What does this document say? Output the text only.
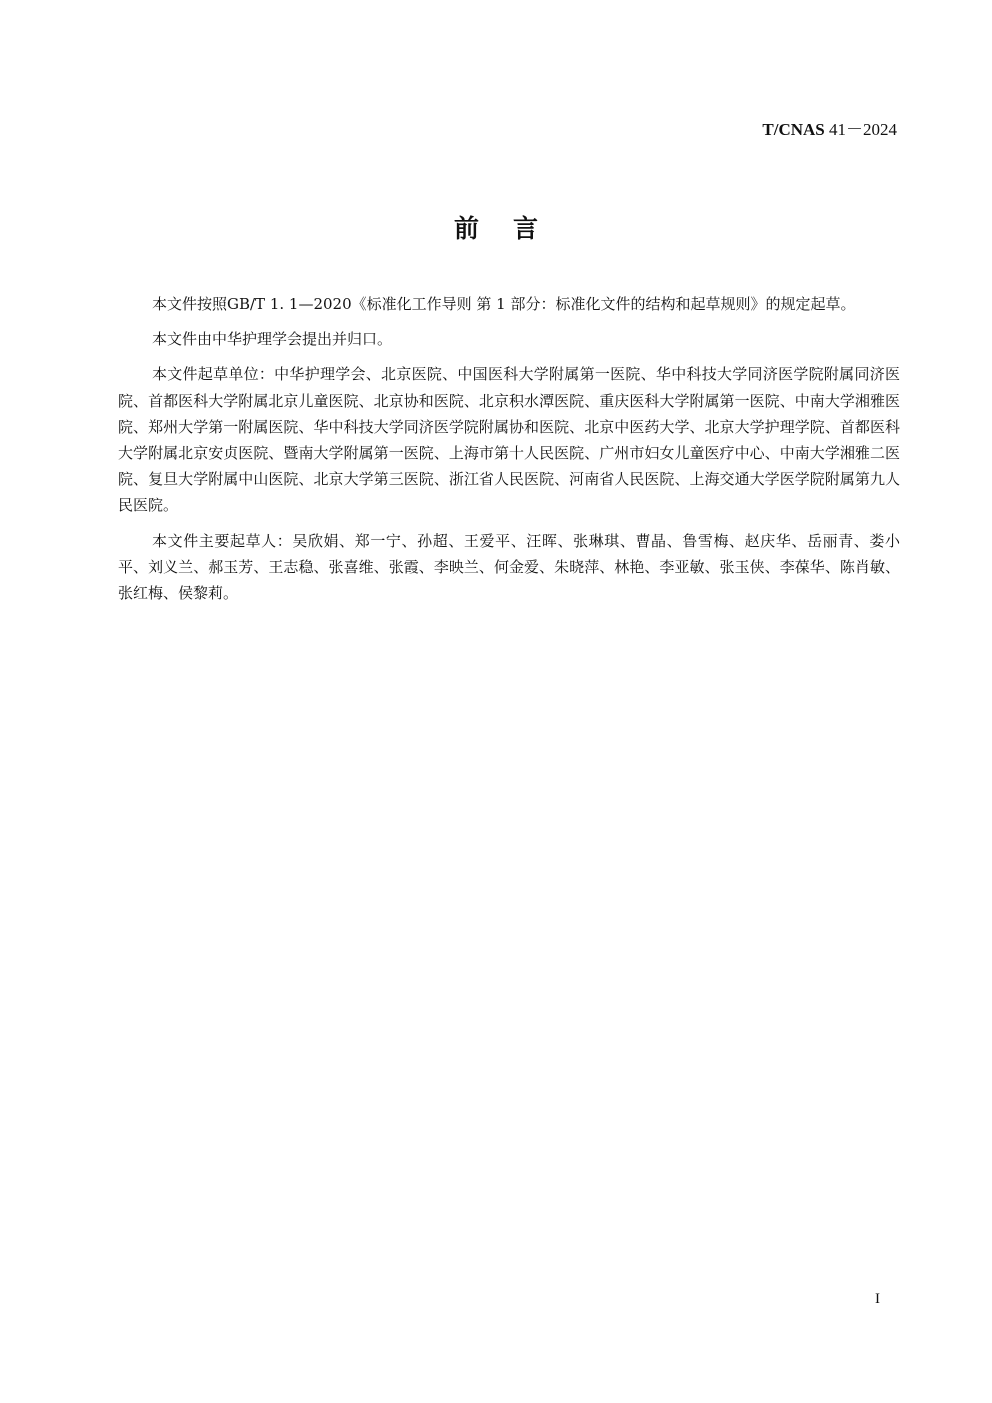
T/CNAS 41－2024
前言

本文件按照GB/T 1. 1—2020《标准化工作导则 第 1 部分：标准化文件的结构和起草规则》的规定起草。

本文件由中华护理学会提出并归口。

本文件起草单位：中华护理学会、北京医院、中国医科大学附属第一医院、华中科技大学同济医学院附属同济医院、首都医科大学附属北京儿童医院、北京协和医院、北京积水潭医院、重庆医科大学附属第一医院、中南大学湘雅医院、郑州大学第一附属医院、华中科技大学同济医学院附属协和医院、北京中医药大学、北京大学护理学院、首都医科大学附属北京安贞医院、暨南大学附属第一医院、上海市第十人民医院、广州市妇女儿童医疗中心、中南大学湘雅二医院、复旦大学附属中山医院、北京大学第三医院、浙江省人民医院、河南省人民医院、上海交通大学医学院附属第九人民医院。

本文件主要起草人：吴欣娟、郑一宁、孙超、王爱平、汪晖、张琳琪、曹晶、鲁雪梅、赵庆华、岳丽青、娄小平、刘义兰、郝玉芳、王志稳、张喜维、张霞、李映兰、何金爱、朱晓萍、林艳、李亚敏、张玉侠、李葆华、陈肖敏、张红梅、侯黎莉。

I
